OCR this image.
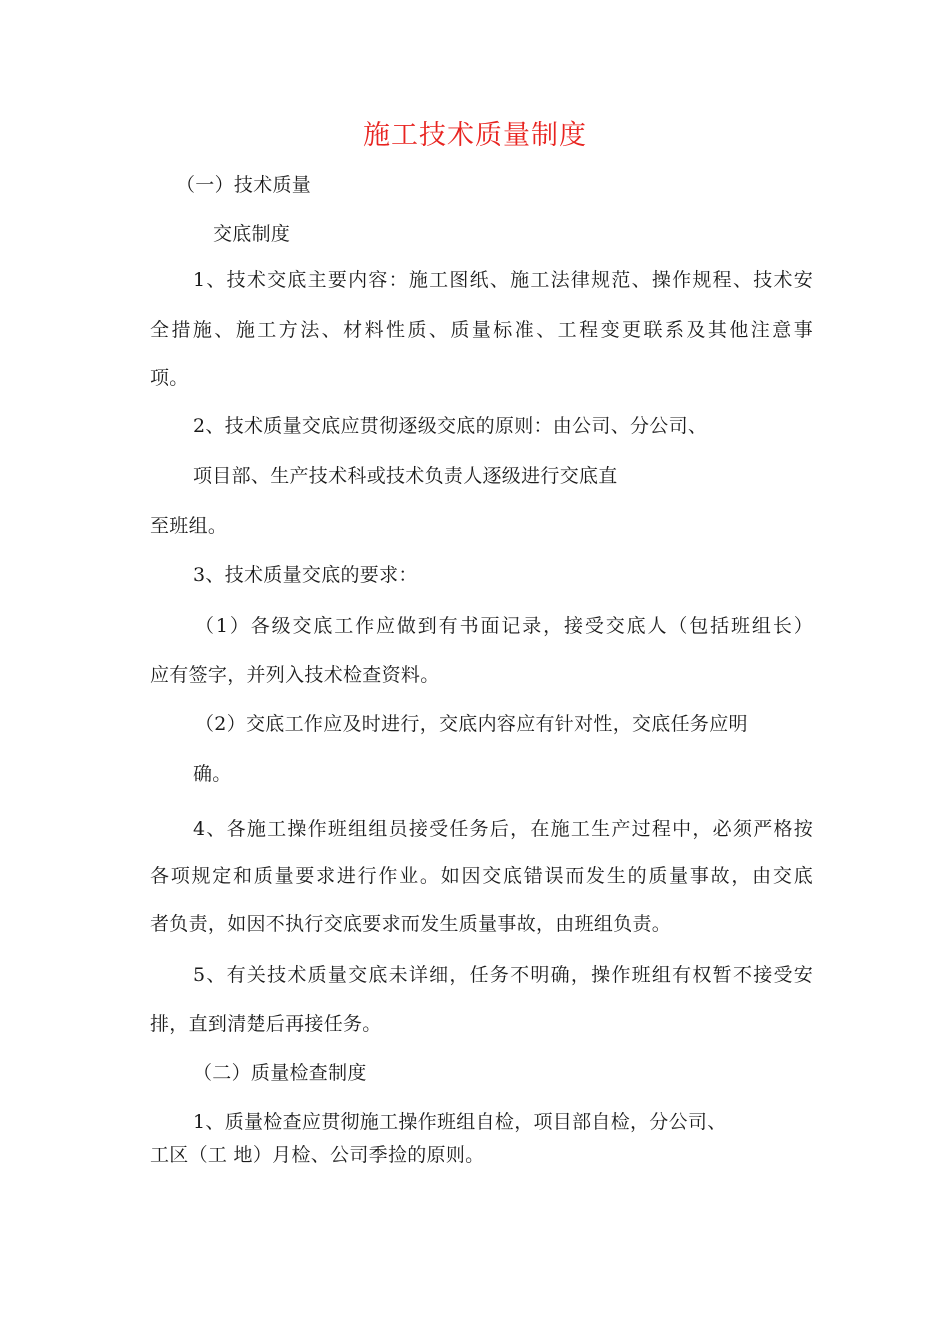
施工技术质量制度
（一）技术质量
交底制度
1、技术交底主要内容：施工图纸、施工法律规范、操作规程、技术安
全措施、施工方法、材料性质、质量标准、工程变更联系及其他注意事
项。
2、技术质量交底应贯彻逐级交底的原则：由公司、分公司、
项目部、生产技术科或技术负责人逐级进行交底直
至班组。
3、技术质量交底的要求：
（1）各级交底工作应做到有书面记录，接受交底人（包括班组长）
应有签字，并列入技术检查资料。
（2）交底工作应及时进行，交底内容应有针对性，交底任务应明
确。
4、各施工操作班组组员接受任务后，在施工生产过程中，必须严格按
各项规定和质量要求进行作业。如因交底错误而发生的质量事故，由交底
者负责，如因不执行交底要求而发生质量事故，由班组负责。
5、有关技术质量交底未详细，任务不明确，操作班组有权暂不接受安
排，直到清楚后再接任务。
（二）质量检查制度
1、质量检查应贯彻施工操作班组自检，项目部自检，分公司、
工区（工 地）月检、公司季捡的原则。
